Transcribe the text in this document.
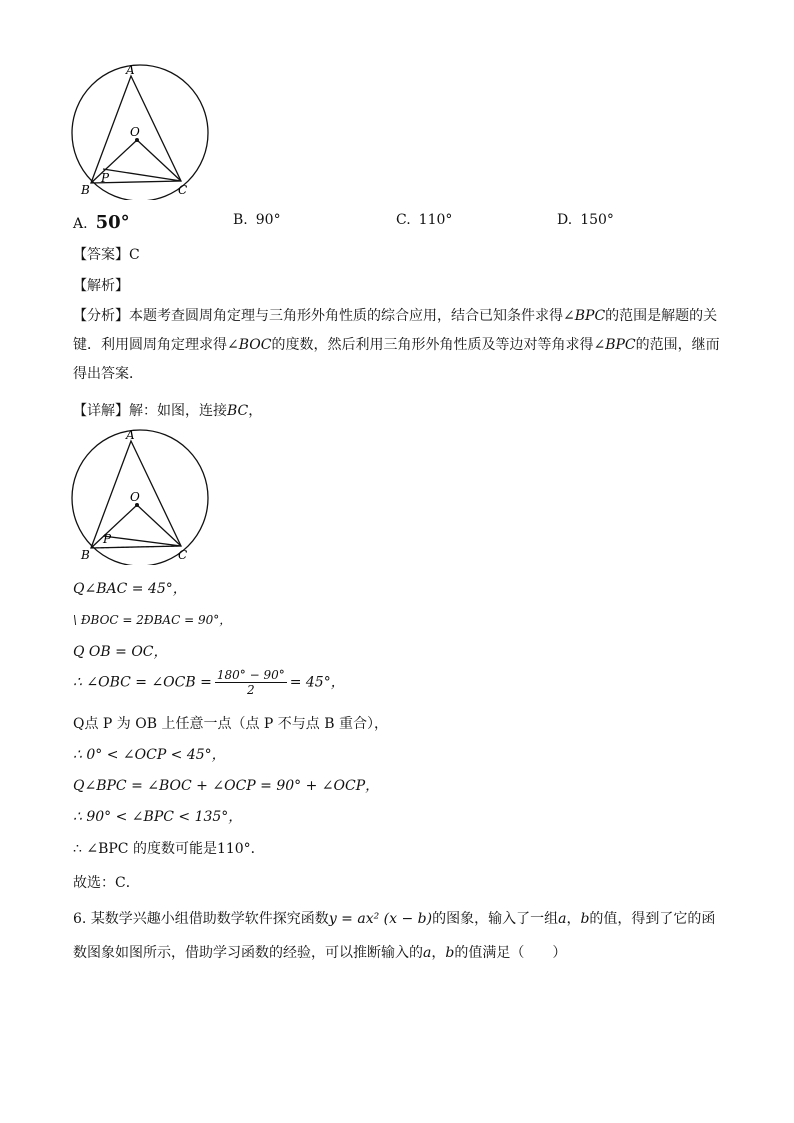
A
O
P
B	C
A. 50°	B. 90°	C. 110°	D. 150°
【答案】C
【解析】
【分析】本题考查圆周角定理与三角形外角性质的综合应用，结合已知条件求得∠BPC的范围是解题的关键．利用圆周角定理求得∠BOC的度数，然后利用三角形外角性质及等边对等角求得∠BPC的范围，继而得出答案．
【详解】解：如图，连接BC，
A
O
P
B	C
Q∠BAC = 45°，
\ ÐBOC = 2ÐBAC = 90°，
Q OB = OC，
∴ ∠OBC = ∠OCB = $\frac{180^\circ - 90^\circ}{2} = 45^\circ$，
Q点 P 为 OB 上任意一点（点 P 不与点 B 重合），
∴ 0° < ∠OCP < 45°，
Q∠BPC = ∠BOC + ∠OCP = 90° + ∠OCP，
∴ 90° < ∠BPC < 135°，
∴ ∠BPC 的度数可能是110°．
故选：C．
6. 某数学兴趣小组借助数学软件探究函数y = ax² (x − b)的图象，输入了一组a，b的值，得到了它的函数图象如图所示，借助学习函数的经验，可以推断输入的a，b的值满足（　　）
